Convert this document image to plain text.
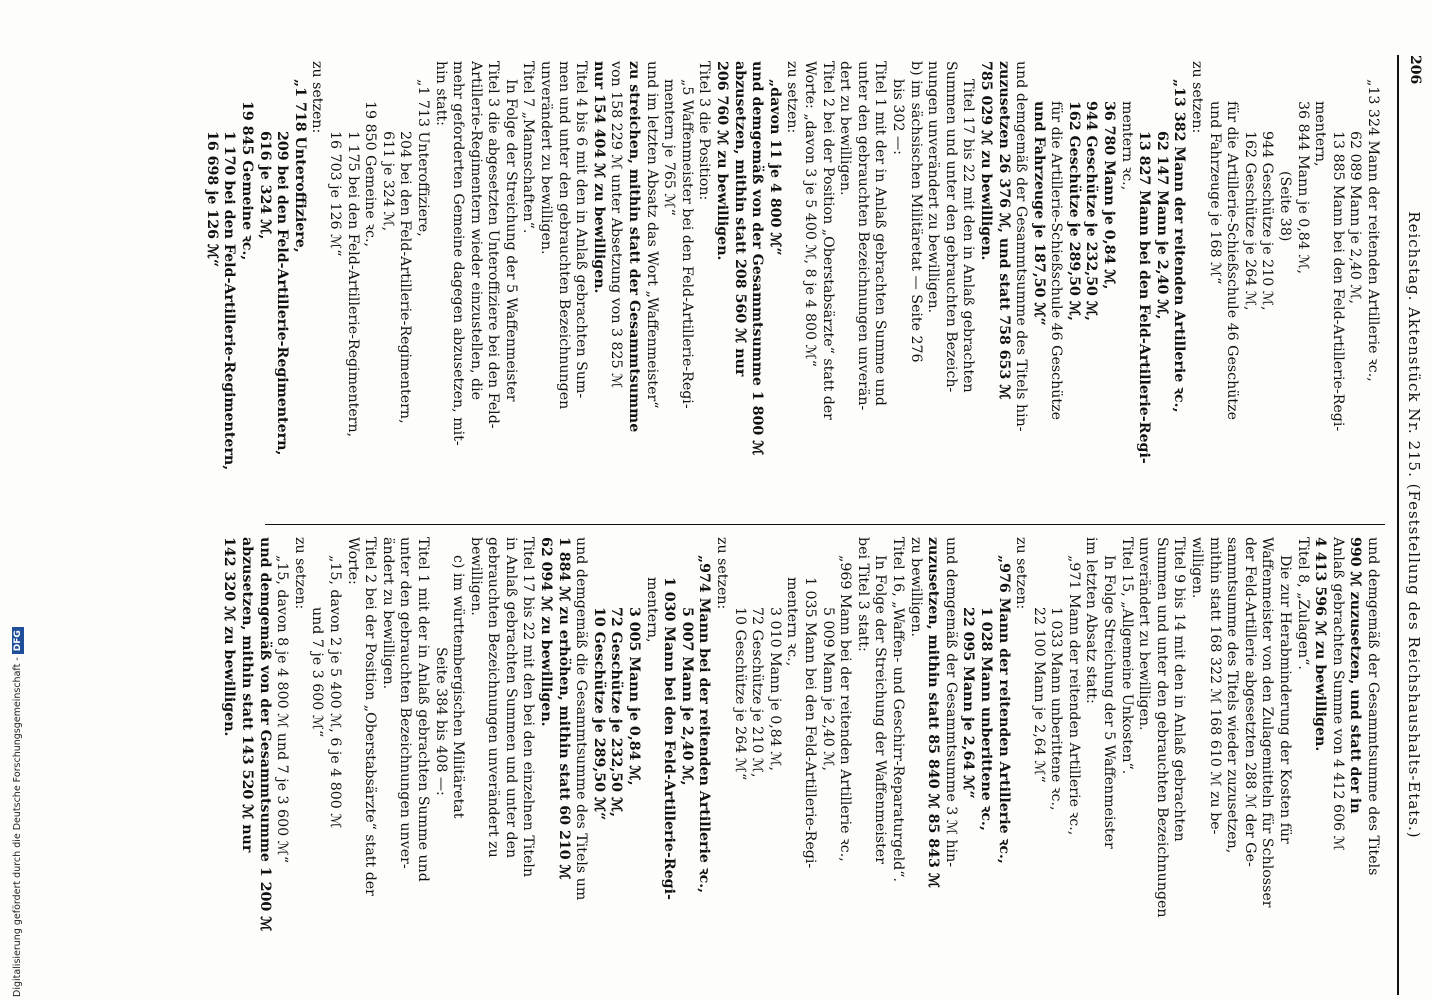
206
Reichstag. Aktenstück Nr. 215. (Feststellung des Reichshaushalts-Etats.)
„13 324 Mann der reitenden Artillerie ꝛc.,
62 089 Mann je 2,40 ℳ,
13 885 Mann bei den Feld-Artillerie-Regi-
mentern,
36 844 Mann je 0,84 ℳ,
(Seite 38)
944 Geschütze je 210 ℳ,
162 Geschütze je 264 ℳ,
für die Artillerie-Schießschule 46 Geschütze
und Fahrzeuge je 168 ℳ“
zu setzen:
„13 382 Mann der reitenden Artillerie ꝛc.,
62 147 Mann je 2,40 ℳ,
13 827 Mann bei den Feld-Artillerie-Regi-
mentern ꝛc.,
36 780 Mann je 0,84 ℳ,
944 Geschütze je 232,50 ℳ,
162 Geschütze je 289,50 ℳ,
für die Artillerie-Schießschule 46 Geschütze
und Fahrzeuge je 187,50 ℳ“
und demgemäß der Gesammtsumme des Titels hin-
zuzusetzen 26 376 ℳ, und statt 758 653 ℳ
785 029 ℳ zu bewilligen.
Titel 17 bis 22 mit den in Anlaß gebrachten
Summen und unter den gebrauchten Bezeich-
nungen unverändert zu bewilligen.
b) im sächsischen Militäretat — Seite 276
bis 302 —:
Titel 1 mit der in Anlaß gebrachten Summe und
unter den gebrauchten Bezeichnungen unverän-
dert zu bewilligen.
Titel 2 bei der Position „Oberstabsärzte“ statt der
Worte: „davon 3 je 5 400 ℳ, 8 je 4 800 ℳ“
zu setzen:
„davon 11 je 4 800 ℳ“
und demgemäß von der Gesammtsumme 1 800 ℳ
abzusetzen, mithin statt 208 560 ℳ nur
206 760 ℳ zu bewilligen.
Titel 3 die Position:
„5 Waffenmeister bei den Feld-Artillerie-Regi-
mentern je 765 ℳ“
und im letzten Absatz das Wort „Waffenmeister“
zu streichen, mithin statt der Gesammtsumme
von 158 229 ℳ unter Absetzung von 3 825 ℳ
nur 154 404 ℳ zu bewilligen.
Titel 4 bis 6 mit den in Anlaß gebrachten Sum-
men und unter den gebrauchten Bezeichnungen
unverändert zu bewilligen.
Titel 7 „Mannschaften“.
In Folge der Streichung der 5 Waffenmeister
Titel 3 die abgesetzten Unteroffiziere bei den Feld-
Artillerie-Regimentern wieder einzustellen, die
mehr geforderten Gemeine dagegen abzusetzen, mit-
hin statt:
„1 713 Unteroffiziere,
204 bei den Feld-Artillerie-Regimentern,
611 je 324 ℳ,
19 850 Gemeine ꝛc.,
1 175 bei den Feld-Artillerie-Regimentern,
16 703 je 126 ℳ“
zu setzen:
„1 718 Unteroffiziere,
209 bei den Feld-Artillerie-Regimentern,
616 je 324 ℳ,
19 845 Gemeine ꝛc.,
1 170 bei den Feld-Artillerie-Regimentern,
16 698 je 126 ℳ“
und demgemäß der Gesammtsumme des Titels
990 ℳ zuzusetzen, und statt der in
Anlaß gebrachten Summe von 4 412 606 ℳ
4 413 596 ℳ zu bewilligen.
Titel 8, „Zulagen“.
Die zur Herabminderung der Kosten für
Waffenmeister von den Zulagemitteln für Schlosser
der Feld-Artillerie abgesetzten 288 ℳ der Ge-
sammtsumme des Titels wieder zuzusetzen,
mithin statt 168 322 ℳ 168 610 ℳ zu be-
willigen.
Titel 9 bis 14 mit den in Anlaß gebrachten
Summen und unter den gebrauchten Bezeichnungen
unverändert zu bewilligen.
Titel 15, „Allgemeine Unkosten“.
In Folge Streichung der 5 Waffenmeister
im letzten Absatz statt:
„971 Mann der reitenden Artillerie ꝛc.,
1 033 Mann unberittene ꝛc.,
22 100 Mann je 2,64 ℳ“
zu setzen:
„976 Mann der reitenden Artillerie ꝛc.,
1 028 Mann unberittene ꝛc.,
22 095 Mann je 2,64 ℳ“
und demgemäß der Gesammtsumme 3 ℳ hin-
zuzusetzen, mithin statt 85 840 ℳ 85 843 ℳ
zu bewilligen.
Titel 16, „Waffen- und Geschirr-Reparaturgeld“.
In Folge der Streichung der Waffenmeister
bei Titel 3 statt:
„969 Mann bei der reitenden Artillerie ꝛc.,
5 009 Mann je 2,40 ℳ,
1 035 Mann bei den Feld-Artillerie-Regi-
mentern ꝛc.,
3 010 Mann je 0,84 ℳ,
72 Geschütze je 210 ℳ,
10 Geschütze je 264 ℳ“
zu setzen:
„974 Mann bei der reitenden Artillerie ꝛc.,
5 007 Mann je 2,40 ℳ,
1 030 Mann bei den Feld-Artillerie-Regi-
mentern,
3 005 Mann je 0,84 ℳ,
72 Geschütze je 232,50 ℳ,
10 Geschütze je 289,50 ℳ“
und demgemäß die Gesammtsumme des Titels um
1 884 ℳ zu erhöhen, mithin statt 60 210 ℳ
62 094 ℳ zu bewilligen.
Titel 17 bis 22 mit den bei den einzelnen Titeln
in Anlaß gebrachten Summen und unter den
gebrauchten Bezeichnungen unverändert zu
bewilligen.
c) im württembergischen Militäretat
Seite 384 bis 408 —:
Titel 1 mit der in Anlaß gebrachten Summe und
unter den gebrauchten Bezeichnungen unver-
ändert zu bewilligen.
Titel 2 bei der Position „Oberstabsärzte“ statt der
Worte:
„15, davon 2 je 5 400 ℳ, 6 je 4 800 ℳ
und 7 je 3 600 ℳ“
zu setzen:
„15, davon 8 je 4 800 ℳ und 7 je 3 600 ℳ“
und demgemäß von der Gesammtsumme 1 200 ℳ
abzusetzen, mithin statt 143 520 ℳ nur
142 320 ℳ zu bewilligen.
Digitalisierung gefördert durch die Deutsche Forschungsgemeinschaft -DFG
